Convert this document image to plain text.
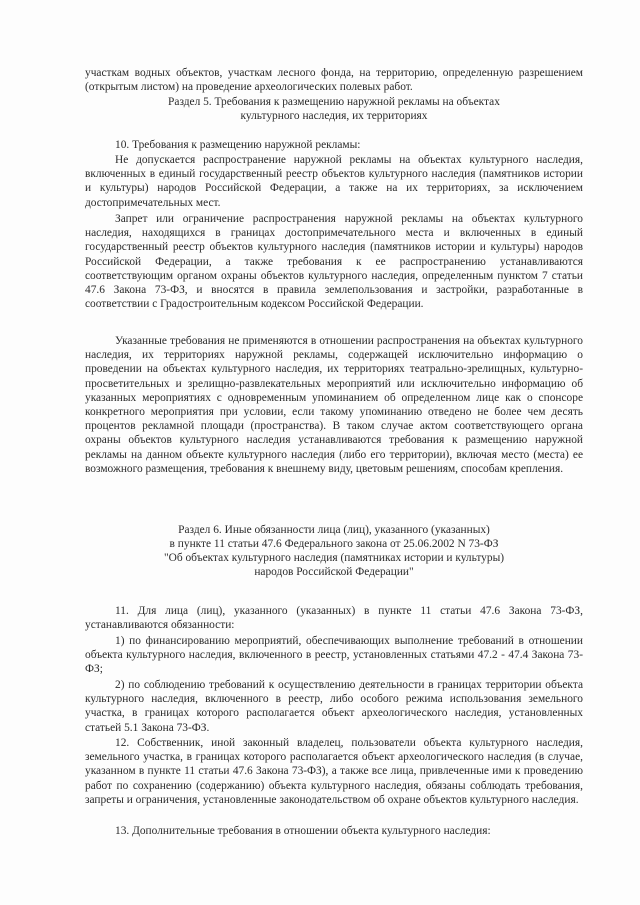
участкам водных объектов, участкам лесного фонда, на территорию, определенную разрешением (открытым листом) на проведение археологических полевых работ.

Раздел 5. Требования к размещению наружной рекламы на объектах

культурного наследия, их территориях

10. Требования к размещению наружной рекламы:

Не допускается распространение наружной рекламы на объектах культурного наследия, включенных в единый государственный реестр объектов культурного наследия (памятников истории и культуры) народов Российской Федерации, а также на их территориях, за исключением достопримечательных мест.

Запрет или ограничение распространения наружной рекламы на объектах культурного наследия, находящихся в границах достопримечательного места и включенных в единый государственный реестр объектов культурного наследия (памятников истории и культуры) народов Российской Федерации, а также требования к ее распространению устанавливаются соответствующим органом охраны объектов культурного наследия, определенным пунктом 7 статьи 47.6 Закона 73-ФЗ, и вносятся в правила землепользования и застройки, разработанные в соответствии с Градостроительным кодексом Российской Федерации.

Указанные требования не применяются в отношении распространения на объектах культурного наследия, их территориях наружной рекламы, содержащей исключительно информацию о проведении на объектах культурного наследия, их территориях театрально-зрелищных, культурно-просветительных и зрелищно-развлекательных мероприятий или исключительно информацию об указанных мероприятиях с одновременным упоминанием об определенном лице как о спонсоре конкретного мероприятия при условии, если такому упоминанию отведено не более чем десять процентов рекламной площади (пространства). В таком случае актом соответствующего органа охраны объектов культурного наследия устанавливаются требования к размещению наружной рекламы на данном объекте культурного наследия (либо его территории), включая место (места) ее возможного размещения, требования к внешнему виду, цветовым решениям, способам крепления.

Раздел 6. Иные обязанности лица (лиц), указанного (указанных)

в пункте 11 статьи 47.6 Федерального закона от 25.06.2002 N 73-ФЗ

"Об объектах культурного наследия (памятниках истории и культуры)

народов Российской Федерации"

11. Для лица (лиц), указанного (указанных) в пункте 11 статьи 47.6 Закона 73-ФЗ, устанавливаются обязанности:

1) по финансированию мероприятий, обеспечивающих выполнение требований в отношении объекта культурного наследия, включенного в реестр, установленных статьями 47.2 - 47.4 Закона 73-ФЗ;

2) по соблюдению требований к осуществлению деятельности в границах территории объекта культурного наследия, включенного в реестр, либо особого режима использования земельного участка, в границах которого располагается объект археологического наследия, установленных статьей 5.1 Закона 73-ФЗ.

12. Собственник, иной законный владелец, пользователи объекта культурного наследия, земельного участка, в границах которого располагается объект археологического наследия (в случае, указанном в пункте 11 статьи 47.6 Закона 73-ФЗ), а также все лица, привлеченные ими к проведению работ по сохранению (содержанию) объекта культурного наследия, обязаны соблюдать требования, запреты и ограничения, установленные законодательством об охране объектов культурного наследия.

13. Дополнительные требования в отношении объекта культурного наследия:
